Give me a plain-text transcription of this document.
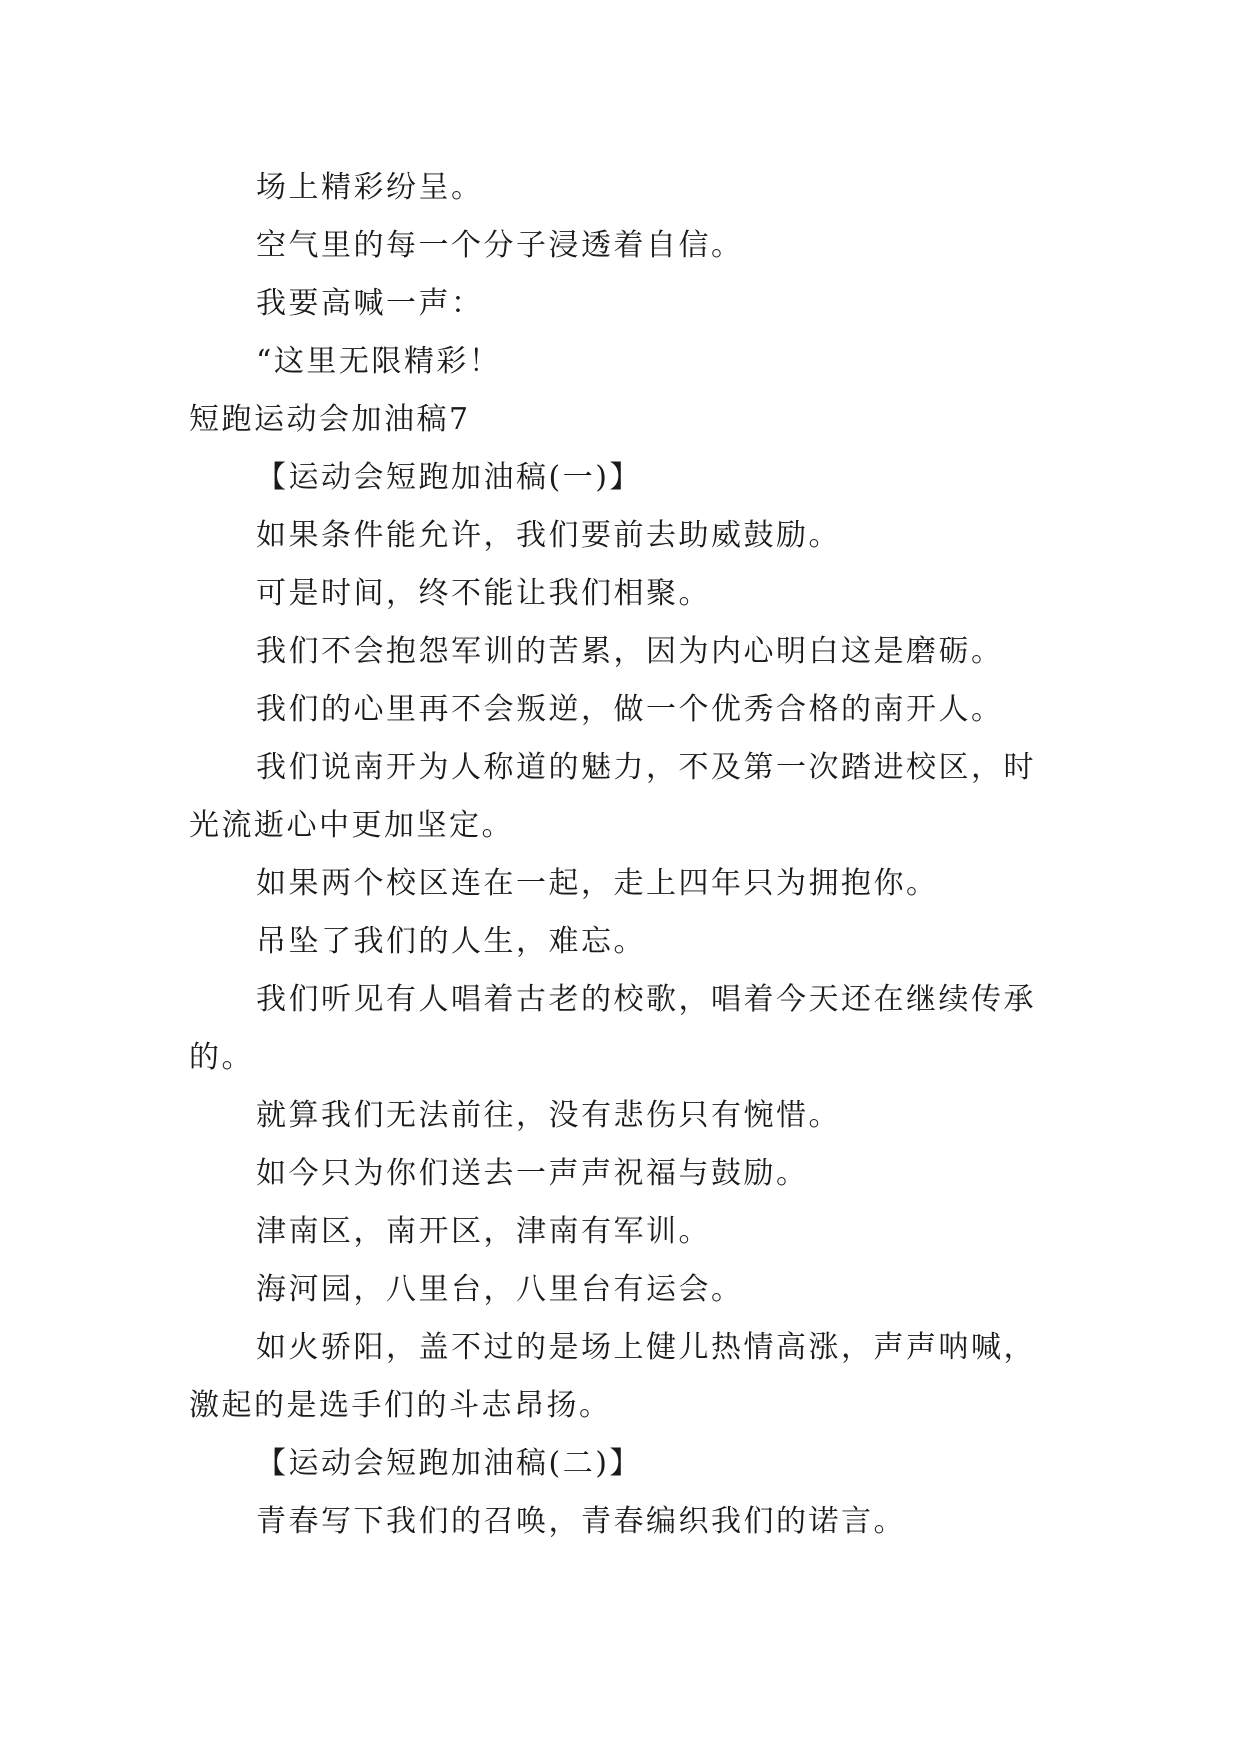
场上精彩纷呈。
空气里的每一个分子浸透着自信。
我要高喊一声：
“这里无限精彩！
短跑运动会加油稿7
【运动会短跑加油稿(一)】
如果条件能允许，我们要前去助威鼓励。
可是时间，终不能让我们相聚。
我们不会抱怨军训的苦累，因为内心明白这是磨砺。
我们的心里再不会叛逆，做一个优秀合格的南开人。
我们说南开为人称道的魅力，不及第一次踏进校区，时
光流逝心中更加坚定。
如果两个校区连在一起，走上四年只为拥抱你。
吊坠了我们的人生，难忘。
我们听见有人唱着古老的校歌，唱着今天还在继续传承
的。
就算我们无法前往，没有悲伤只有惋惜。
如今只为你们送去一声声祝福与鼓励。
津南区，南开区，津南有军训。
海河园，八里台，八里台有运会。
如火骄阳，盖不过的是场上健儿热情高涨，声声呐喊，
激起的是选手们的斗志昂扬。
【运动会短跑加油稿(二)】
青春写下我们的召唤，青春编织我们的诺言。
